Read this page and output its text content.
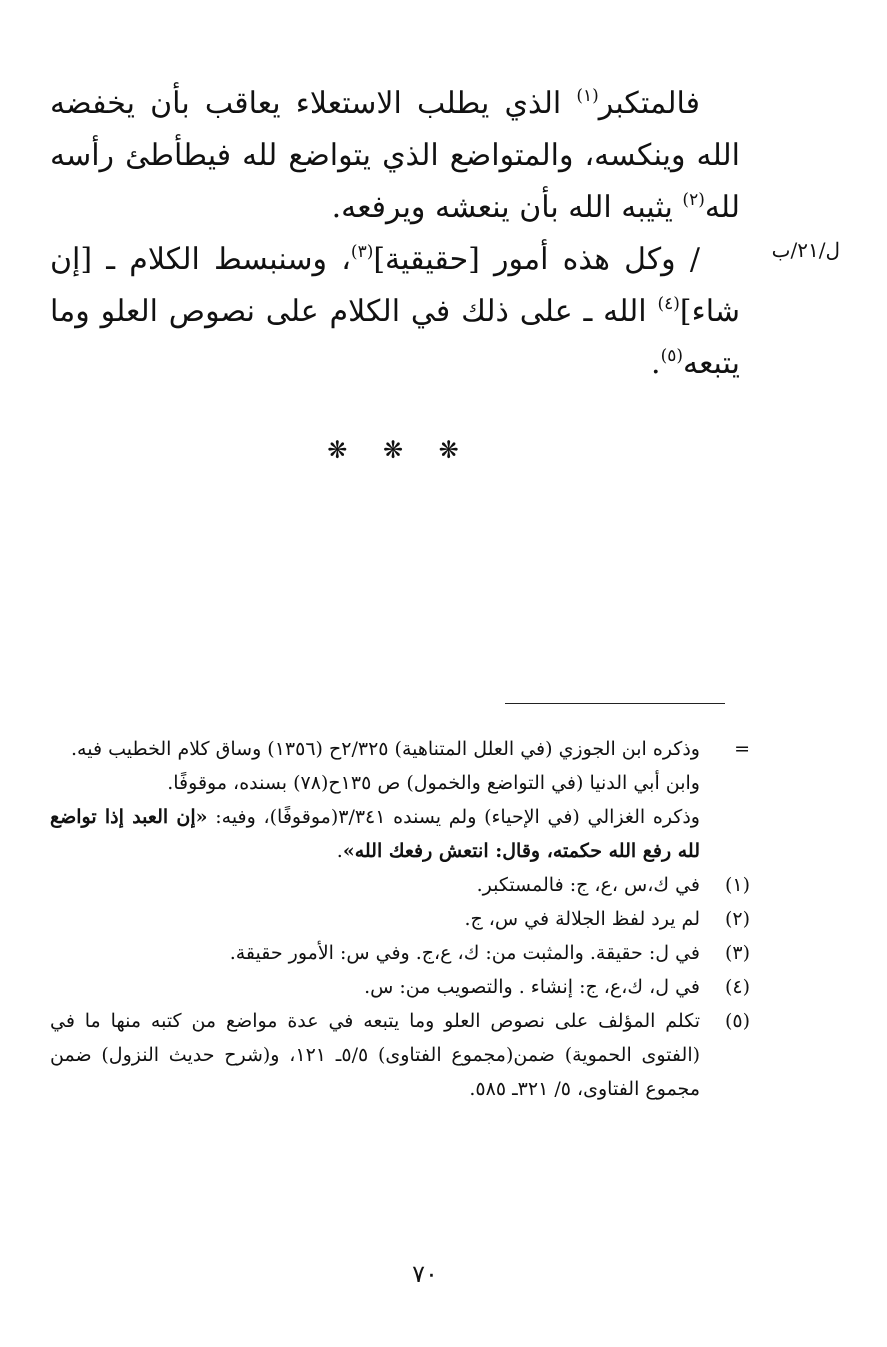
فالمتكبر$^{(١)}$ الذي يطلب الاستعلاء يعاقب بأن يخفضه الله وينكسه، والمتواضع الذي يتواضع لله فيطأطئ رأسه لله$^{(٢)}$ يثيبه الله بأن ينعشه ويرفعه.

/ وكل هذه أمور [حقيقية]$^{(٣)}$، وسنبسط الكلام ـ [إن شاء]$^{(٤)}$ الله ـ على ذلك في الكلام على نصوص العلو وما يتبعه$^{(٥)}$.

ل/٢١/ب
❋ ❋ ❋
=
وذكره ابن الجوزي (في العلل المتناهية) ٢/٣٢٥ح (١٣٥٦) وساق كلام الخطيب فيه.
وابن أبي الدنيا (في التواضع والخمول) ص ١٣٥ح(٧٨) بسنده، موقوفًا.
وذكره الغزالي (في الإحياء) ولم يسنده ٣/٣٤١(موقوفًا)، وفيه: «إن العبد إذا تواضع لله رفع الله حكمته، وقال: انتعش رفعك الله».
(١)
في ك،س ،ع، ج: فالمستكبر.
(٢)
لم يرد لفظ الجلالة في س، ج.
(٣)
في ل: حقيقة. والمثبت من: ك، ع،ج. وفي س: الأمور حقيقة.
(٤)
في ل، ك،ع، ج: إنشاء . والتصويب من: س.
(٥)
تكلم المؤلف على نصوص العلو وما يتبعه في عدة مواضع من كتبه منها ما في (الفتوى الحموية) ضمن(مجموع الفتاوى) ٥/٥ـ ١٢١، و(شرح حديث النزول) ضمن مجموع الفتاوى، ٥/ ٣٢١ـ ٥٨٥.
٧٠
